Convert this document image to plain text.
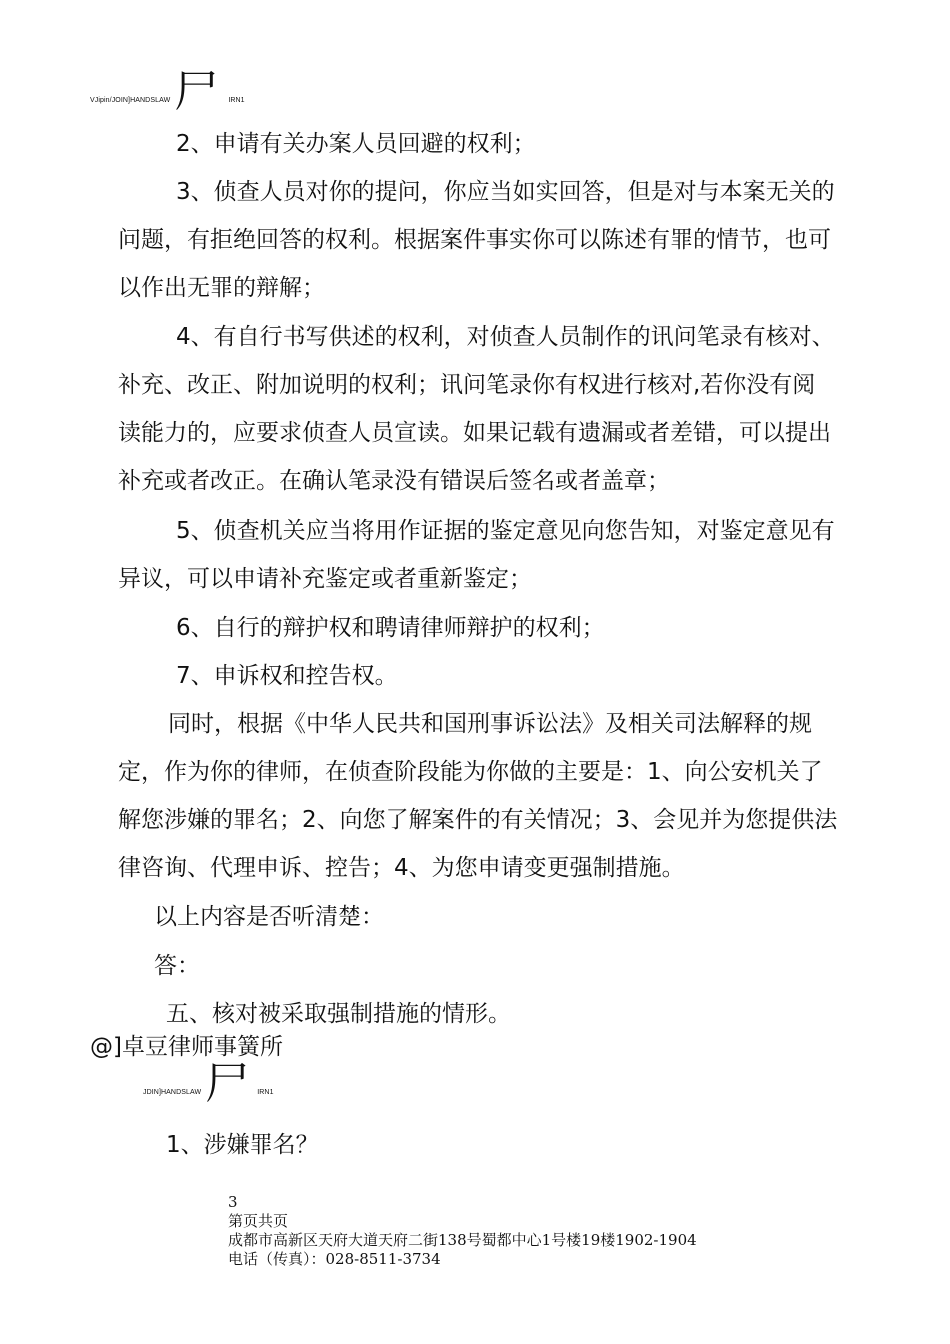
VJipin/JOIN]HANDSLAW 尸 IRN1

2、申请有关办案人员回避的权利；

3、侦查人员对你的提问，你应当如实回答，但是对与本案无关的问题，有拒绝回答的权利。根据案件事实你可以陈述有罪的情节，也可以作出无罪的辩解；

4、有自行书写供述的权利，对侦查人员制作的讯问笔录有核对、补充、改正、附加说明的权利；讯问笔录你有权进行核对,若你没有阅读能力的，应要求侦查人员宣读。如果记载有遗漏或者差错，可以提出补充或者改正。在确认笔录没有错误后签名或者盖章；

5、侦查机关应当将用作证据的鉴定意见向您告知，对鉴定意见有异议，可以申请补充鉴定或者重新鉴定；

6、自行的辩护权和聘请律师辩护的权利；

7、申诉权和控告权。

同时，根据《中华人民共和国刑事诉讼法》及相关司法解释的规定，作为你的律师，在侦查阶段能为你做的主要是：1、向公安机关了解您涉嫌的罪名；2、向您了解案件的有关情况；3、会见并为您提供法律咨询、代理申诉、控告；4、为您申请变更强制措施。

以上内容是否听清楚：

答：

五、核对被采取强制措施的情形。

@]卓豆律师事簧所
JDIN]HANDSLAW 尸 IRN1

1、涉嫌罪名？

3
第页共页
成都市高新区天府大道天府二街138号蜀都中心1号楼19楼1902-1904
电话（传真）：028-8511-3734
